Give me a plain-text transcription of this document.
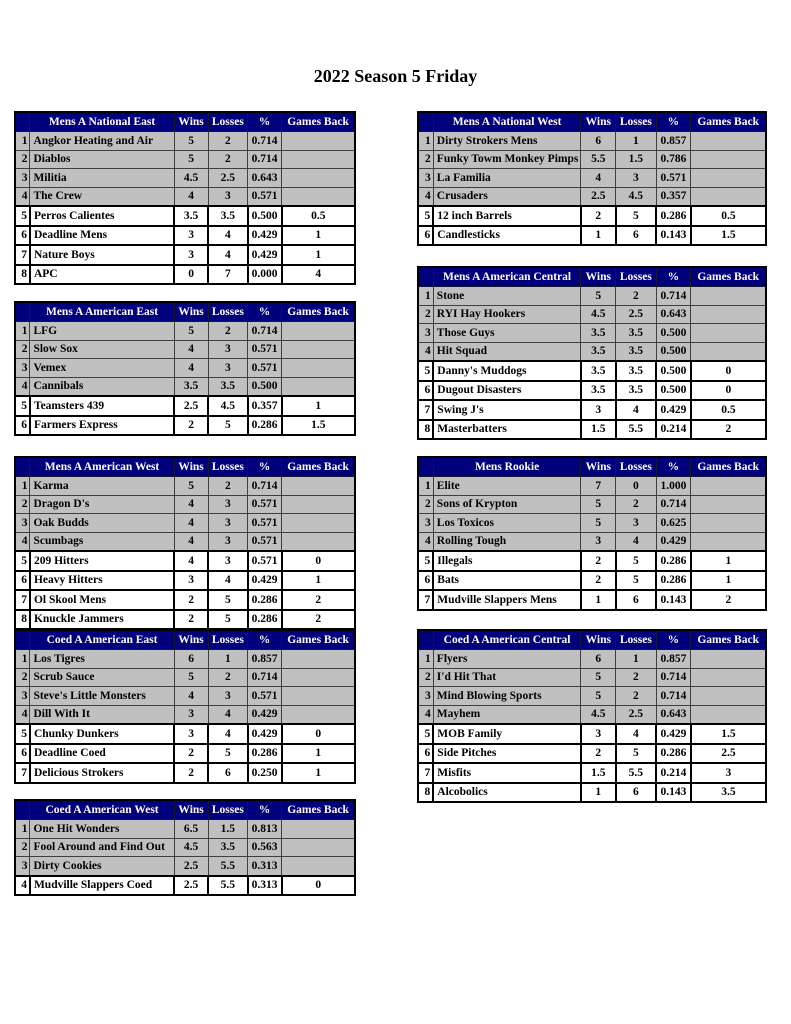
2022 Season 5 Friday
	Mens A National East	Wins	Losses	%	Games Back
1	Angkor Heating and Air	5	2	0.714	
2	Diablos	5	2	0.714	
3	Militia	4.5	2.5	0.643	
4	The Crew	4	3	0.571	
5	Perros Calientes	3.5	3.5	0.500	0.5
6	Deadline Mens	3	4	0.429	1
7	Nature Boys	3	4	0.429	1
8	APC	0	7	0.000	4
	Mens A National West	Wins	Losses	%	Games Back
1	Dirty Strokers Mens	6	1	0.857	
2	Funky Towm Monkey Pimps	5.5	1.5	0.786	
3	La Familia	4	3	0.571	
4	Crusaders	2.5	4.5	0.357	
5	12 inch Barrels	2	5	0.286	0.5
6	Candlesticks	1	6	0.143	1.5
	Mens A American East	Wins	Losses	%	Games Back
1	LFG	5	2	0.714	
2	Slow Sox	4	3	0.571	
3	Vemex	4	3	0.571	
4	Cannibals	3.5	3.5	0.500	
5	Teamsters 439	2.5	4.5	0.357	1
6	Farmers Express	2	5	0.286	1.5
	Mens A American Central	Wins	Losses	%	Games Back
1	Stone	5	2	0.714	
2	RYI Hay Hookers	4.5	2.5	0.643	
3	Those Guys	3.5	3.5	0.500	
4	Hit Squad	3.5	3.5	0.500	
5	Danny's Muddogs	3.5	3.5	0.500	0
6	Dugout Disasters	3.5	3.5	0.500	0
7	Swing J's	3	4	0.429	0.5
8	Masterbatters	1.5	5.5	0.214	2
	Mens A American West	Wins	Losses	%	Games Back
1	Karma	5	2	0.714	
2	Dragon D's	4	3	0.571	
3	Oak Budds	4	3	0.571	
4	Scumbags	4	3	0.571	
5	209 Hitters	4	3	0.571	0
6	Heavy Hitters	3	4	0.429	1
7	Ol Skool Mens	2	5	0.286	2
8	Knuckle Jammers	2	5	0.286	2
	Mens Rookie	Wins	Losses	%	Games Back
1	Elite	7	0	1.000	
2	Sons of Krypton	5	2	0.714	
3	Los Toxicos	5	3	0.625	
4	Rolling Tough	3	4	0.429	
5	Illegals	2	5	0.286	1
6	Bats	2	5	0.286	1
7	Mudville Slappers Mens	1	6	0.143	2
	Coed A American East	Wins	Losses	%	Games Back
1	Los Tigres	6	1	0.857	
2	Scrub Sauce	5	2	0.714	
3	Steve's Little Monsters	4	3	0.571	
4	Dill With It	3	4	0.429	
5	Chunky Dunkers	3	4	0.429	0
6	Deadline Coed	2	5	0.286	1
7	Delicious Strokers	2	6	0.250	1
	Coed A American Central	Wins	Losses	%	Games Back
1	Flyers	6	1	0.857	
2	I'd Hit That	5	2	0.714	
3	Mind Blowing Sports	5	2	0.714	
4	Mayhem	4.5	2.5	0.643	
5	MOB Family	3	4	0.429	1.5
6	Side Pitches	2	5	0.286	2.5
7	Misfits	1.5	5.5	0.214	3
8	Alcobolics	1	6	0.143	3.5
	Coed A American West	Wins	Losses	%	Games Back
1	One Hit Wonders	6.5	1.5	0.813	
2	Fool Around and Find Out	4.5	3.5	0.563	
3	Dirty Cookies	2.5	5.5	0.313	
4	Mudville Slappers Coed	2.5	5.5	0.313	0
